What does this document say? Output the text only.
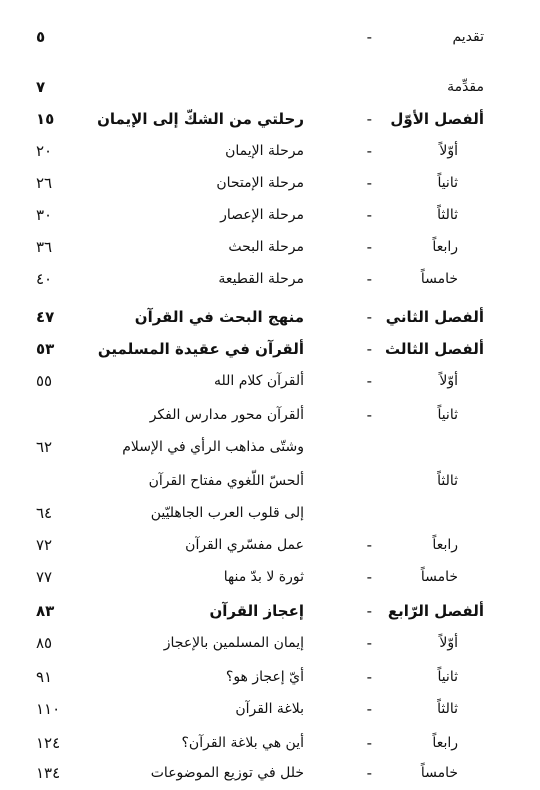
تقديم
-
٥
مقدِّمة
٧
ألفصل الأوّل
-
رحلتي من الشكّ إلى الإيمان
١٥
أوّلاً
-
مرحلة الإيمان
٢٠
ثانياً
-
مرحلة الإمتحان
٢٦
ثالثاً
-
مرحلة الإعصار
٣٠
رابعاً
-
مرحلة البحث
٣٦
خامساً
-
مرحلة القطيعة
٤٠
ألفصل الثاني
-
منهج البحث في القرآن
٤٧
ألفصل الثالث
-
ألقرآن في عقيدة المسلمين
٥٣
أوّلاً
-
ألقرآن كلام الله
٥٥
ثانياً
-
ألقرآن محور مدارس الفكر
وشتّى مذاهب الرأي في الإسلام
٦٢
ثالثاً
ألحسّ اللّغوي مفتاح القرآن
إلى قلوب العرب الجاهليّين
٦٤
رابعاً
-
عمل مفسّري القرآن
٧٢
خامساً
-
ثورة لا بدّ منها
٧٧
ألفصل الرّابع
-
إعجاز القرآن
٨٣
أوّلاً
-
إيمان المسلمين بالإعجاز
٨٥
ثانياً
-
أيّ إعجاز هو؟
٩١
ثالثاً
-
بلاغة القرآن
١١٠
رابعاً
-
أين هي بلاغة القرآن؟
١٢٤
خامساً
-
خلل في توزيع الموضوعات
١٣٤
